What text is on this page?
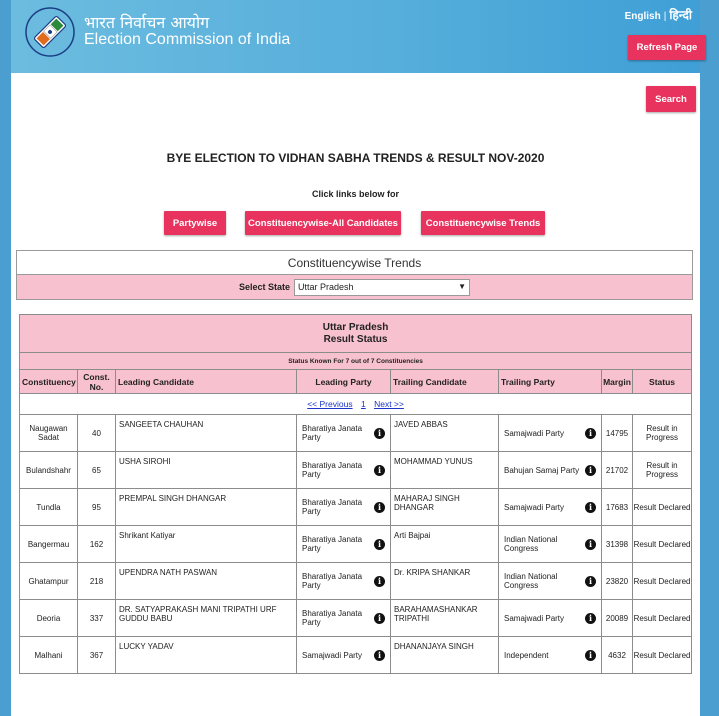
भारत निर्वाचन आयोग
Election Commission of India
English | हिन्दी
Refresh Page
Search
BYE ELECTION TO VIDHAN SABHA TRENDS & RESULT NOV-2020
Click links below for
Partywise	Constituencywise-All Candidates	Constituencywise Trends
Constituencywise Trends
Select State Uttar Pradesh	▼
Uttar Pradesh
Result Status							

Status Known For 7 out of 7 Constituencies							
Constituency	Const. No.	Leading Candidate	Leading Party	Trailing Candidate	Trailing Party	Margin	Status
<< Previous 1 Next >>							
Naugawan Sadat	40	SANGEETA CHAUHAN	Bharatiya Janata Party i	JAVED ABBAS	Samajwadi Party i	14795	Result in Progress
Bulandshahr	65	USHA SIROHI	Bharatiya Janata Party i	MOHAMMAD YUNUS	Bahujan Samaj Party i	21702	Result in Progress
Tundla	95	PREMPAL SINGH DHANGAR	Bharatiya Janata Party i	MAHARAJ SINGH DHANGAR	Samajwadi Party i	17683	Result Declared
Bangermau	162	Shrikant Katiyar	Bharatiya Janata Party i	Arti Bajpai	Indian National Congress i	31398	Result Declared
Ghatampur	218	UPENDRA NATH PASWAN	Bharatiya Janata Party i	Dr. KRIPA SHANKAR	Indian National Congress i	23820	Result Declared
Deoria	337	DR. SATYAPRAKASH MANI TRIPATHI URF GUDDU BABU	Bharatiya Janata Party i	BARAHAMASHANKAR TRIPATHI	Samajwadi Party i	20089	Result Declared
Malhani	367	LUCKY YADAV	Samajwadi Party i	DHANANJAYA SINGH	Independent i	4632	Result Declared
